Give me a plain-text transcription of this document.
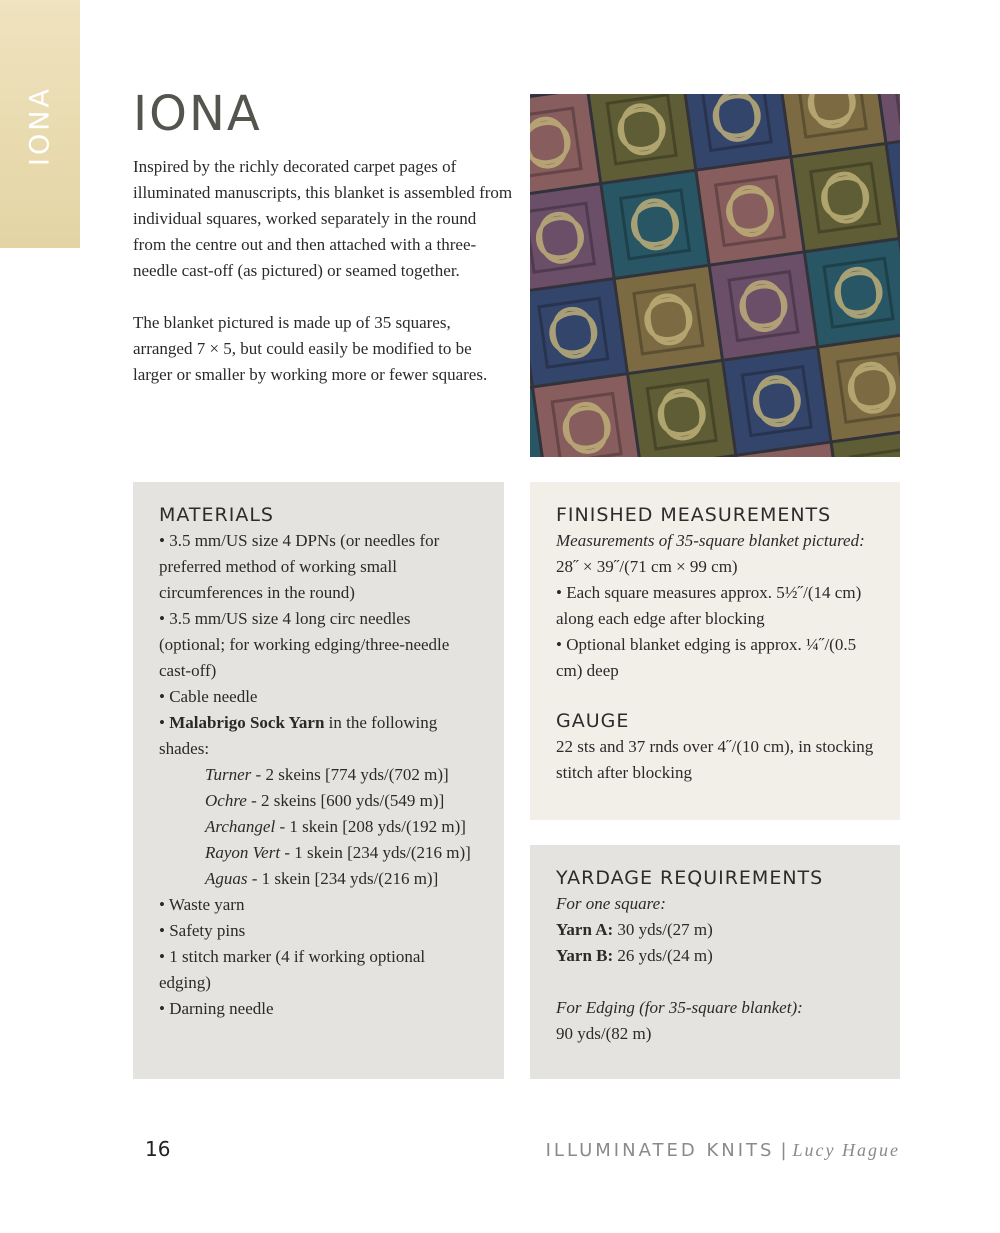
IONA IONA

Inspired by the richly decorated carpet pages of illuminated manuscripts, this blanket is assembled from individual squares, worked separately in the round from the centre out and then attached with a three-needle cast-off (as pictured) or seamed together.

The blanket pictured is made up of 35 squares, arranged 7 × 5, but could easily be modified to be larger or smaller by working more or fewer squares.

MATERIALS

• 3.5 mm/US size 4 DPNs (or needles for preferred method of working small circumferences in the round)

• 3.5 mm/US size 4 long circ needles (optional; for working edging/three-needle cast-off)

• Cable needle

• Malabrigo Sock Yarn in the following shades:

Turner - 2 skeins [774 yds/(702 m)]

Ochre - 2 skeins [600 yds/(549 m)]

Archangel - 1 skein [208 yds/(192 m)]

Rayon Vert - 1 skein [234 yds/(216 m)]

Aguas - 1 skein [234 yds/(216 m)]

• Waste yarn

• Safety pins

• 1 stitch marker (4 if working optional edging)

• Darning needle

FINISHED MEASUREMENTS

Measurements of 35-square blanket pictured:

28˝ × 39˝/(71 cm × 99 cm)

• Each square measures approx. 5½˝/(14 cm) along each edge after blocking

• Optional blanket edging is approx. ¼˝/(0.5 cm) deep

GAUGE

22 sts and 37 rnds over 4˝/(10 cm), in stocking stitch after blocking

YARDAGE REQUIREMENTS

For one square:

Yarn A: 30 yds/(27 m)

Yarn B: 26 yds/(24 m)

For Edging (for 35-square blanket):

90 yds/(82 m)

16	ILLUMINATED KNITS | Lucy Hague
